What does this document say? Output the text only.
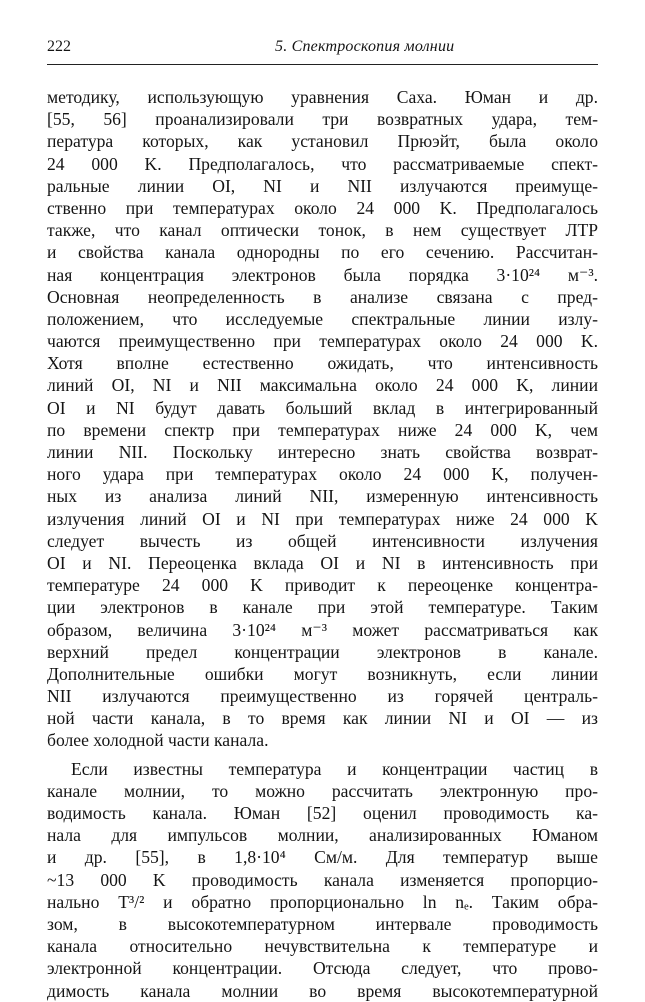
222	5. Спектроскопия молнии
методику, использующую уравнения Саха. Юман и др.
[55, 56] проанализировали три возвратных удара, тем-
пература которых, как установил Прюэйт, была около
24 000 K. Предполагалось, что рассматриваемые спект-
ральные линии OI, NI и NII излучаются преимуще-
ственно при температурах около 24 000 K. Предполагалось
также, что канал оптически тонок, в нем существует ЛТР
и свойства канала однородны по его сечению. Рассчитан-
ная концентрация электронов была порядка 3·10²⁴ м⁻³.
Основная неопределенность в анализе связана с пред-
положением, что исследуемые спектральные линии излу-
чаются преимущественно при температурах около 24 000 K.
Хотя вполне естественно ожидать, что интенсивность
линий OI, NI и NII максимальна около 24 000 K, линии
OI и NI будут давать больший вклад в интегрированный
по времени спектр при температурах ниже 24 000 K, чем
линии NII. Поскольку интересно знать свойства возврат-
ного удара при температурах около 24 000 K, получен-
ных из анализа линий NII, измеренную интенсивность
излучения линий OI и NI при температурах ниже 24 000 K
следует вычесть из общей интенсивности излучения
OI и NI. Переоценка вклада OI и NI в интенсивность при
температуре 24 000 K приводит к переоценке концентра-
ции электронов в канале при этой температуре. Таким
образом, величина 3·10²⁴ м⁻³ может рассматриваться как
верхний предел концентрации электронов в канале.
Дополнительные ошибки могут возникнуть, если линии
NII излучаются преимущественно из горячей централь-
ной части канала, в то время как линии NI и OI — из
более холодной части канала.
Если известны температура и концентрации частиц в
канале молнии, то можно рассчитать электронную про-
водимость канала. Юман [52] оценил проводимость ка-
нала для импульсов молнии, анализированных Юманом
и др. [55], в 1,8·10⁴ См/м. Для температур выше
~13 000 K проводимость канала изменяется пропорцио-
нально T³/² и обратно пропорционально ln nₑ. Таким обра-
зом, в высокотемпературном интервале проводимость
канала относительно нечувствительна к температуре и
электронной концентрации. Отсюда следует, что прово-
димость канала молнии во время высокотемпературной
